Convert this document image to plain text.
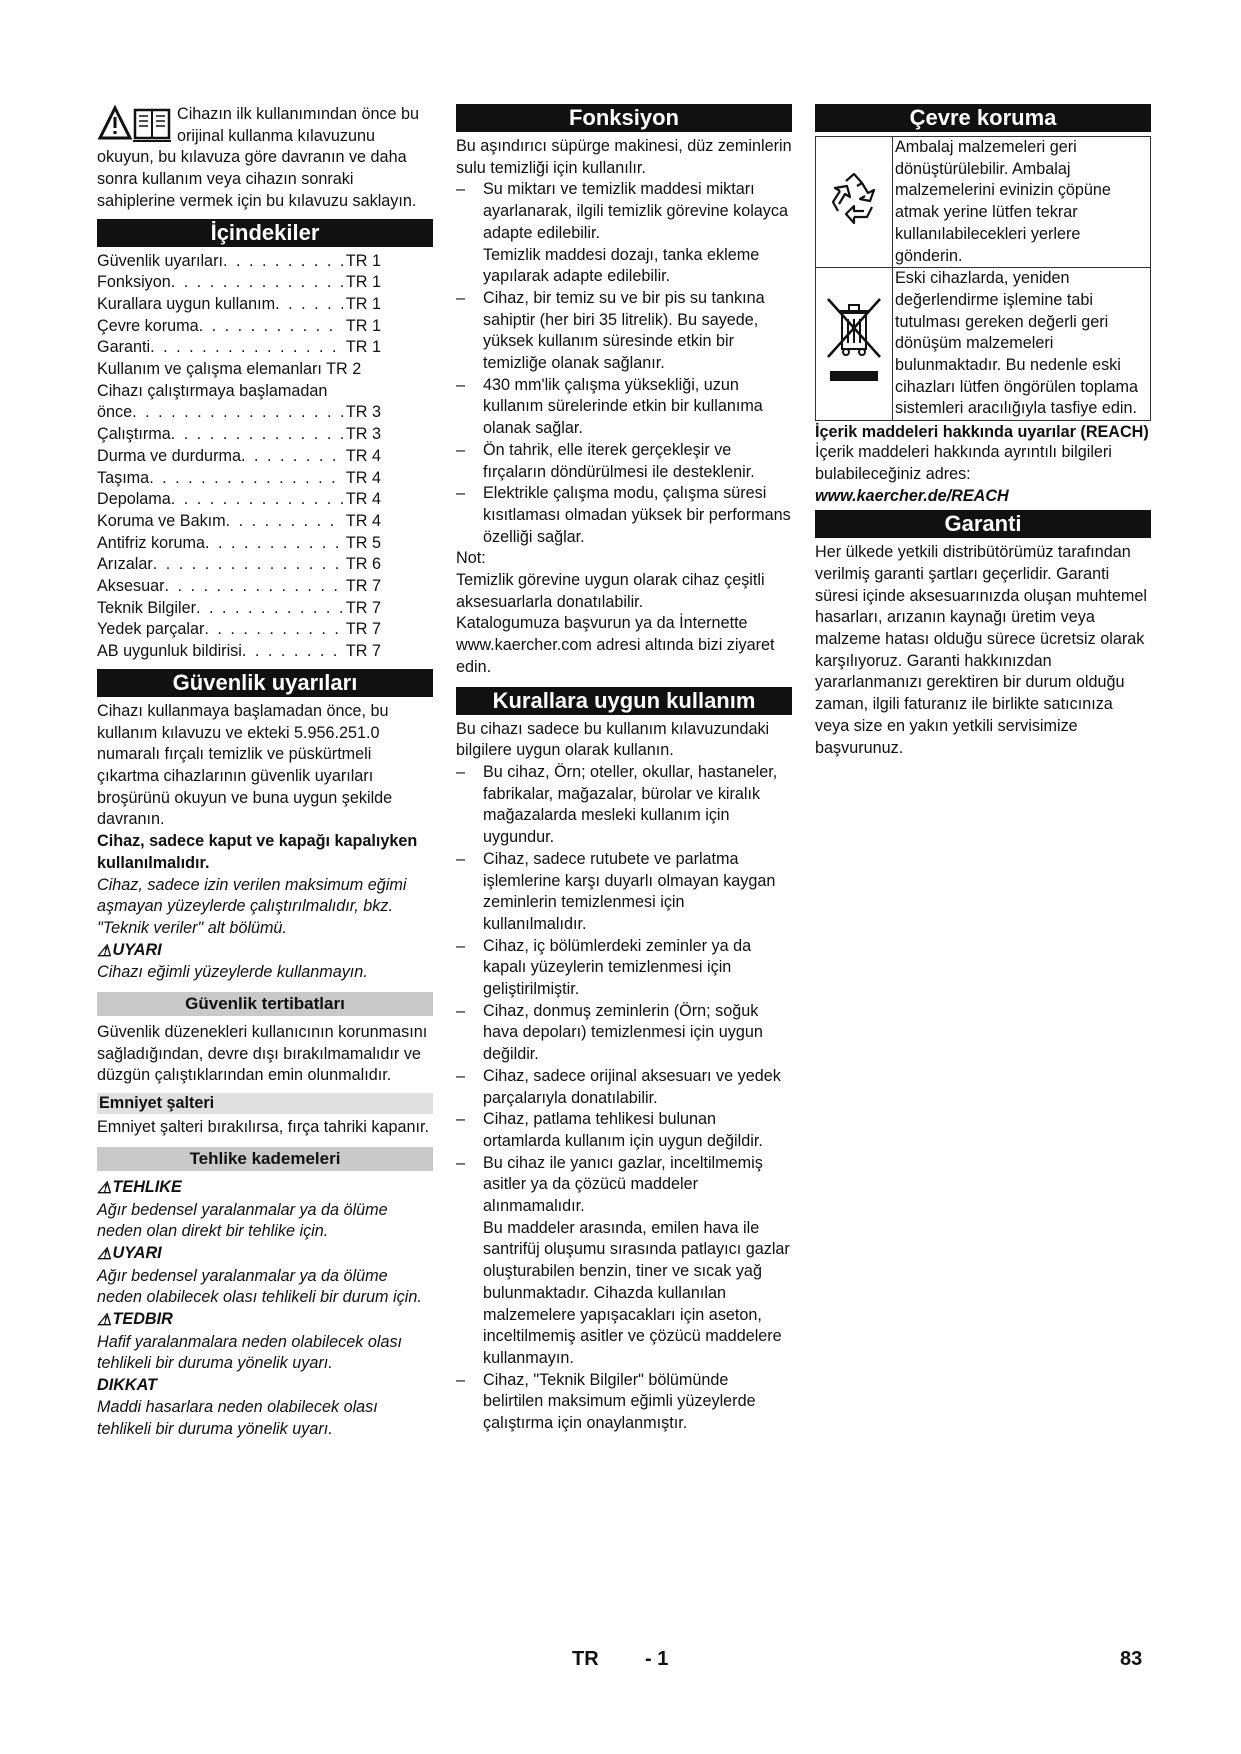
Cihazın ilk kullanımından önce bu orijinal kullanma kılavuzunu okuyun, bu kılavuza göre davranın ve daha sonra kullanım veya cihazın sonraki sahiplerine vermek için bu kılavuzu saklayın.

İçindekiler
Güvenlik uyarıları . . .	TR 1
Fonksiyon . . .	TR 1
Kurallara uygun kullanım . . .	TR 1
Çevre koruma . . .	TR 1
Garanti . . .	TR 1
Kullanım ve çalışma elemanları TR 2
Cihazı çalıştırmaya başlamadan
önce . . .	TR 3
Çalıştırma . . .	TR 3
Durma ve durdurma . . .	TR 4
Taşıma . . .	TR 4
Depolama . . .	TR 4
Koruma ve Bakım . . .	TR 4
Antifriz koruma . . .	TR 5
Arızalar . . .	TR 6
Aksesuar . . .	TR 7
Teknik Bilgiler . . .	TR 7
Yedek parçalar . . .	TR 7
AB uygunluk bildirisi . . .	TR 7
Güvenlik uyarıları

Cihazı kullanmaya başlamadan önce, bu kullanım kılavuzu ve ekteki 5.956.251.0 numaralı fırçalı temizlik ve püskürtmeli çıkartma cihazlarının güvenlik uyarıları broşürünü okuyun ve buna uygun şekilde davranın.

Cihaz, sadece kaput ve kapağı kapalıyken kullanılmalıdır.

Cihaz, sadece izin verilen maksimum eğimi aşmayan yüzeylerde çalıştırılmalıdır, bkz. "Teknik veriler" alt bölümü.

⚠UYARI

Cihazı eğimli yüzeylerde kullanmayın.

Güvenlik tertibatları

Güvenlik düzenekleri kullanıcının korunmasını sağladığından, devre dışı bırakılmamalıdır ve düzgün çalıştıklarından emin olunmalıdır.

Emniyet şalteri

Emniyet şalteri bırakılırsa, fırça tahriki kapanır.

Tehlike kademeleri

⚠TEHLIKE

Ağır bedensel yaralanmalar ya da ölüme neden olan direkt bir tehlike için.

⚠UYARI

Ağır bedensel yaralanmalar ya da ölüme neden olabilecek olası tehlikeli bir durum için.

⚠TEDBIR

Hafif yaralanmalara neden olabilecek olası tehlikeli bir duruma yönelik uyarı.

DIKKAT

Maddi hasarlara neden olabilecek olası tehlikeli bir duruma yönelik uyarı.

Fonksiyon

Bu aşındırıcı süpürge makinesi, düz zeminlerin sulu temizliği için kullanılır.

– Su miktarı ve temizlik maddesi miktarı ayarlanarak, ilgili temizlik görevine kolayca adapte edilebilir.
Temizlik maddesi dozajı, tanka ekleme yapılarak adapte edilebilir.
– Cihaz, bir temiz su ve bir pis su tankına sahiptir (her biri 35 litrelik). Bu sayede, yüksek kullanım süresinde etkin bir temizliğe olanak sağlanır.
– 430 mm'lik çalışma yüksekliği, uzun kullanım sürelerinde etkin bir kullanıma olanak sağlar.
– Ön tahrik, elle iterek gerçekleşir ve fırçaların döndürülmesi ile desteklenir.
– Elektrikle çalışma modu, çalışma süresi kısıtlaması olmadan yüksek bir performans özelliği sağlar.

Not:

Temizlik görevine uygun olarak cihaz çeşitli aksesuarlarla donatılabilir.

Katalogumuza başvurun ya da İnternette www.kaercher.com adresi altında bizi ziyaret edin.

Kurallara uygun kullanım

Bu cihazı sadece bu kullanım kılavuzundaki bilgilere uygun olarak kullanın.

– Bu cihaz, Örn; oteller, okullar, hastaneler, fabrikalar, mağazalar, bürolar ve kiralık mağazalarda mesleki kullanım için uygundur.
– Cihaz, sadece rutubete ve parlatma işlemlerine karşı duyarlı olmayan kaygan zeminlerin temizlenmesi için kullanılmalıdır.
– Cihaz, iç bölümlerdeki zeminler ya da kapalı yüzeylerin temizlenmesi için geliştirilmiştir.
– Cihaz, donmuş zeminlerin (Örn; soğuk hava depoları) temizlenmesi için uygun değildir.
– Cihaz, sadece orijinal aksesuarı ve yedek parçalarıyla donatılabilir.
– Cihaz, patlama tehlikesi bulunan ortamlarda kullanım için uygun değildir.
– Bu cihaz ile yanıcı gazlar, inceltilmemiş asitler ya da çözücü maddeler alınmamalıdır.
Bu maddeler arasında, emilen hava ile santrifüj oluşumu sırasında patlayıcı gazlar oluşturabilen benzin, tiner ve sıcak yağ bulunmaktadır. Cihazda kullanılan malzemelere yapışacakları için aseton, inceltilmemiş asitler ve çözücü maddelere kullanmayın.
– Cihaz, "Teknik Bilgiler" bölümünde belirtilen maksimum eğimli yüzeylerde çalıştırma için onaylanmıştır.
Çevre koruma
	Ambalaj malzemeleri geri dönüştürülebilir. Ambalaj malzemelerini evinizin çöpüne atmak yerine lütfen tekrar kullanılabilecekleri yerlere gönderin.
	Eski cihazlarda, yeniden değerlendirme işlemine tabi tutulması gereken değerli geri dönüşüm malzemeleri bulunmaktadır. Bu nedenle eski cihazları lütfen öngörülen toplama sistemleri aracılığıyla tasfiye edin.

İçerik maddeleri hakkında uyarılar (REACH)

İçerik maddeleri hakkında ayrıntılı bilgileri bulabileceğiniz adres:

www.kaercher.de/REACH

Garanti

Her ülkede yetkili distribütörümüz tarafından verilmiş garanti şartları geçerlidir. Garanti süresi içinde aksesuarınızda oluşan muhtemel hasarları, arızanın kaynağı üretim veya malzeme hatası olduğu sürece ücretsiz olarak karşılıyoruz. Garanti hakkınızdan yararlanmanızı gerektiren bir durum olduğu zaman, ilgili faturanız ile birlikte satıcınıza veya size en yakın yetkili servisimize başvurunuz.

TR - 1	83
